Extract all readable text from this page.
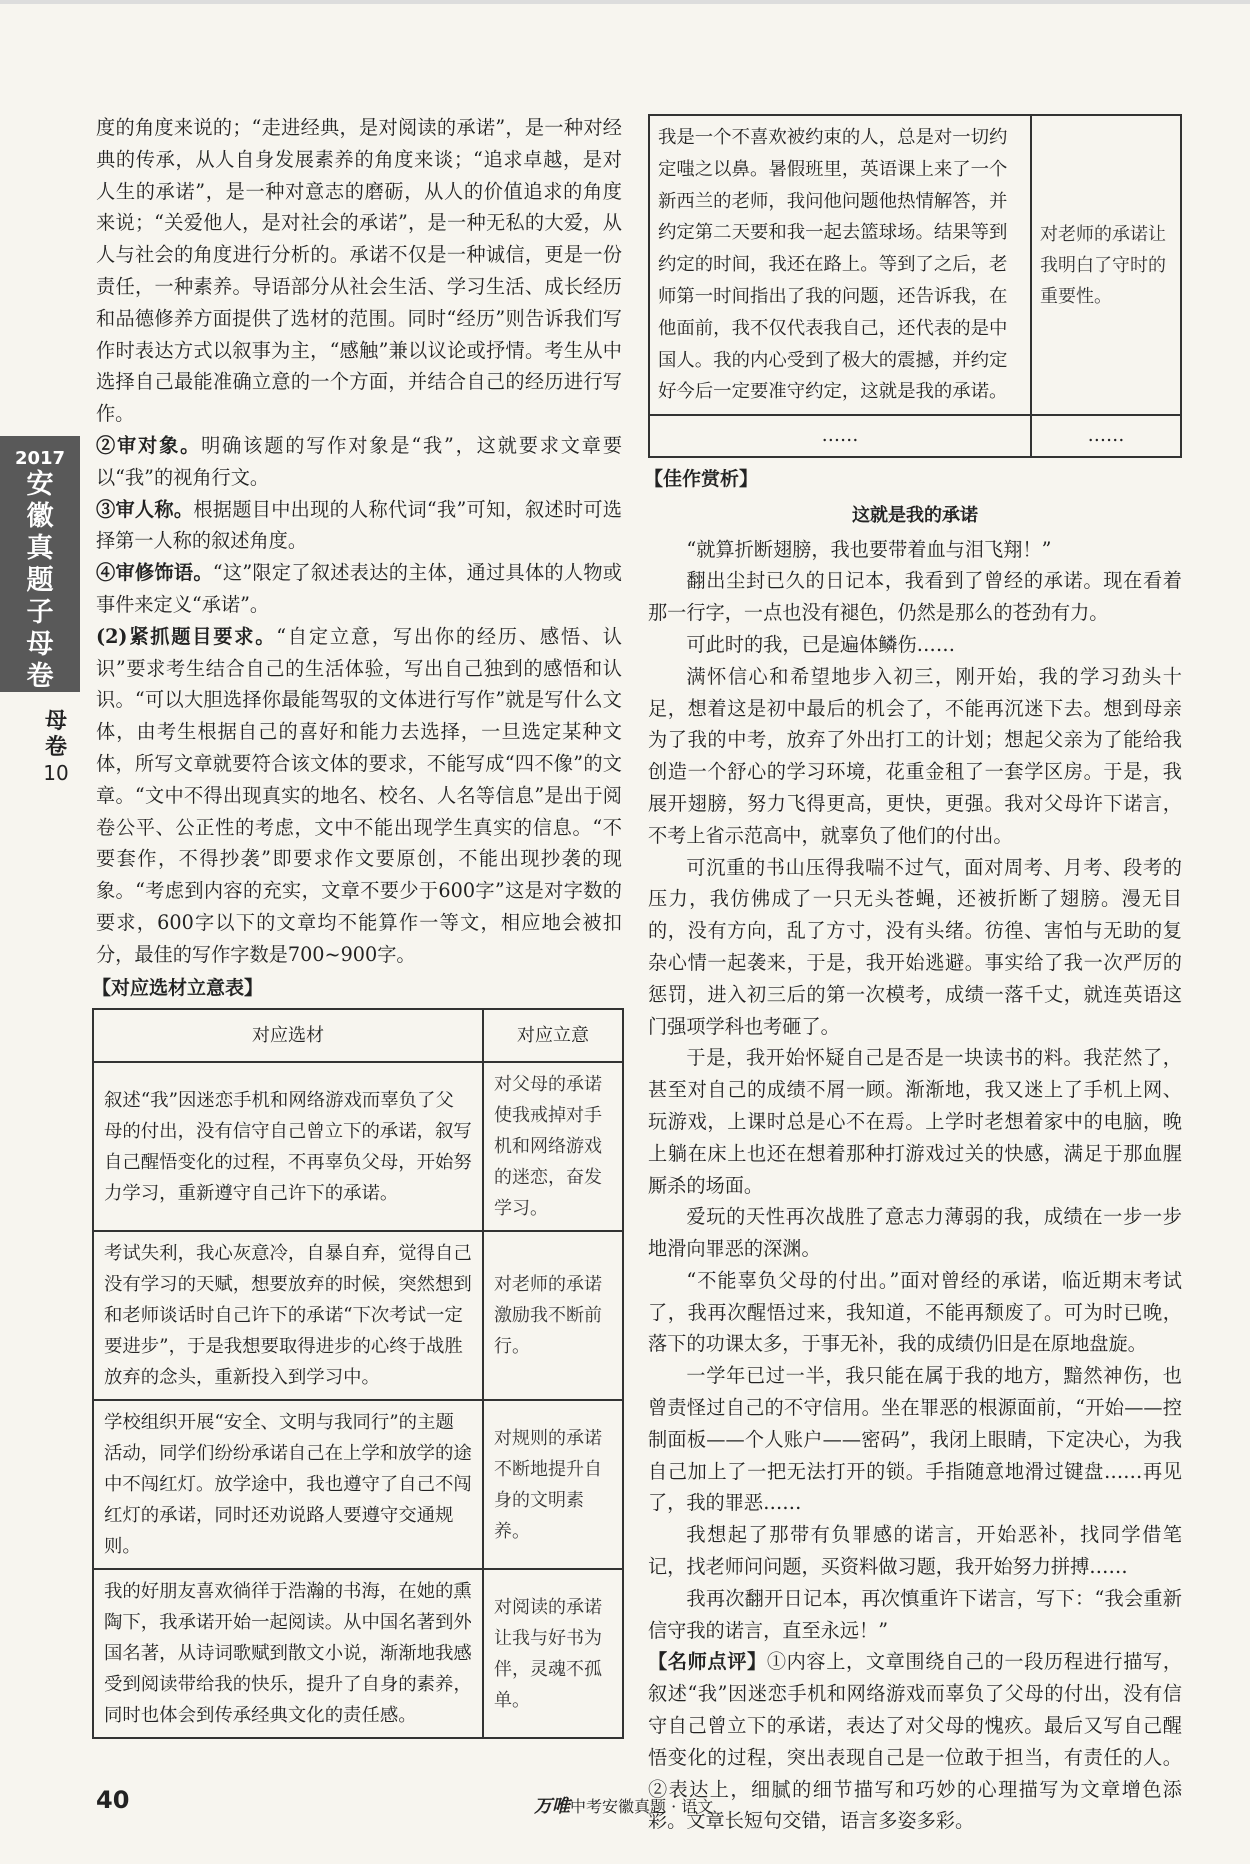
2017
安
徽
真
题
子
母
卷
母
卷
10

度的角度来说的；“走进经典，是对阅读的承诺”，是一种对经典的传承，从人自身发展素养的角度来谈；“追求卓越，是对人生的承诺”，是一种对意志的磨砺，从人的价值追求的角度来说；“关爱他人，是对社会的承诺”，是一种无私的大爱，从人与社会的角度进行分析的。承诺不仅是一种诚信，更是一份责任，一种素养。导语部分从社会生活、学习生活、成长经历和品德修养方面提供了选材的范围。同时“经历”则告诉我们写作时表达方式以叙事为主，“感触”兼以议论或抒情。考生从中选择自己最能准确立意的一个方面，并结合自己的经历进行写作。

②审对象。明确该题的写作对象是“我”，这就要求文章要以“我”的视角行文。

③审人称。根据题目中出现的人称代词“我”可知，叙述时可选择第一人称的叙述角度。

④审修饰语。“这”限定了叙述表达的主体，通过具体的人物或事件来定义“承诺”。

(2)紧抓题目要求。“自定立意，写出你的经历、感悟、认识”要求考生结合自己的生活体验，写出自己独到的感悟和认识。“可以大胆选择你最能驾驭的文体进行写作”就是写什么文体，由考生根据自己的喜好和能力去选择，一旦选定某种文体，所写文章就要符合该文体的要求，不能写成“四不像”的文章。“文中不得出现真实的地名、校名、人名等信息”是出于阅卷公平、公正性的考虑，文中不能出现学生真实的信息。“不要套作，不得抄袭”即要求作文要原创，不能出现抄袭的现象。“考虑到内容的充实，文章不要少于600字”这是对字数的要求，600字以下的文章均不能算作一等文，相应地会被扣分，最佳的写作字数是700~900字。

【对应选材立意表】
对应选材	对应立意
叙述“我”因迷恋手机和网络游戏而辜负了父母的付出，没有信守自己曾立下的承诺，叙写自己醒悟变化的过程，不再辜负父母，开始努力学习，重新遵守自己许下的承诺。	对父母的承诺使我戒掉对手机和网络游戏的迷恋，奋发学习。
考试失利，我心灰意冷，自暴自弃，觉得自己没有学习的天赋，想要放弃的时候，突然想到和老师谈话时自己许下的承诺“下次考试一定要进步”，于是我想要取得进步的心终于战胜放弃的念头，重新投入到学习中。	对老师的承诺激励我不断前行。
学校组织开展“安全、文明与我同行”的主题活动，同学们纷纷承诺自己在上学和放学的途中不闯红灯。放学途中，我也遵守了自己不闯红灯的承诺，同时还劝说路人要遵守交通规则。	对规则的承诺不断地提升自身的文明素养。
我的好朋友喜欢徜徉于浩瀚的书海，在她的熏陶下，我承诺开始一起阅读。从中国名著到外国名著，从诗词歌赋到散文小说，渐渐地我感受到阅读带给我的快乐，提升了自身的素养，同时也体会到传承经典文化的责任感。	对阅读的承诺让我与好书为伴，灵魂不孤单。
我是一个不喜欢被约束的人，总是对一切约定嗤之以鼻。暑假班里，英语课上来了一个新西兰的老师，我问他问题他热情解答，并约定第二天要和我一起去篮球场。结果等到约定的时间，我还在路上。等到了之后，老师第一时间指出了我的问题，还告诉我，在他面前，我不仅代表我自己，还代表的是中国人。我的内心受到了极大的震撼，并约定好今后一定要准守约定，这就是我的承诺。	对老师的承诺让我明白了守时的重要性。
……	……
【佳作赏析】
这就是我的承诺

“就算折断翅膀，我也要带着血与泪飞翔！”

翻出尘封已久的日记本，我看到了曾经的承诺。现在看着那一行字，一点也没有褪色，仍然是那么的苍劲有力。

可此时的我，已是遍体鳞伤……

满怀信心和希望地步入初三，刚开始，我的学习劲头十足，想着这是初中最后的机会了，不能再沉迷下去。想到母亲为了我的中考，放弃了外出打工的计划；想起父亲为了能给我创造一个舒心的学习环境，花重金租了一套学区房。于是，我展开翅膀，努力飞得更高，更快，更强。我对父母许下诺言，不考上省示范高中，就辜负了他们的付出。

可沉重的书山压得我喘不过气，面对周考、月考、段考的压力，我仿佛成了一只无头苍蝇，还被折断了翅膀。漫无目的，没有方向，乱了方寸，没有头绪。彷徨、害怕与无助的复杂心情一起袭来，于是，我开始逃避。事实给了我一次严厉的惩罚，进入初三后的第一次模考，成绩一落千丈，就连英语这门强项学科也考砸了。

于是，我开始怀疑自己是否是一块读书的料。我茫然了，甚至对自己的成绩不屑一顾。渐渐地，我又迷上了手机上网、玩游戏，上课时总是心不在焉。上学时老想着家中的电脑，晚上躺在床上也还在想着那种打游戏过关的快感，满足于那血腥厮杀的场面。

爱玩的天性再次战胜了意志力薄弱的我，成绩在一步一步地滑向罪恶的深渊。

“不能辜负父母的付出。”面对曾经的承诺，临近期末考试了，我再次醒悟过来，我知道，不能再颓废了。可为时已晚，落下的功课太多，于事无补，我的成绩仍旧是在原地盘旋。

一学年已过一半，我只能在属于我的地方，黯然神伤，也曾责怪过自己的不守信用。坐在罪恶的根源面前，“开始——控制面板——个人账户——密码”，我闭上眼睛，下定决心，为我自己加上了一把无法打开的锁。手指随意地滑过键盘……再见了，我的罪恶……

我想起了那带有负罪感的诺言，开始恶补，找同学借笔记，找老师问问题，买资料做习题，我开始努力拼搏……

我再次翻开日记本，再次慎重许下诺言，写下：“我会重新信守我的诺言，直至永远！”

【名师点评】①内容上，文章围绕自己的一段历程进行描写，叙述“我”因迷恋手机和网络游戏而辜负了父母的付出，没有信守自己曾立下的承诺，表达了对父母的愧疚。最后又写自己醒悟变化的过程，突出表现自己是一位敢于担当，有责任的人。②表达上，细腻的细节描写和巧妙的心理描写为文章增色添彩。文章长短句交错，语言多姿多彩。

40	万唯中考安徽真题 · 语文
